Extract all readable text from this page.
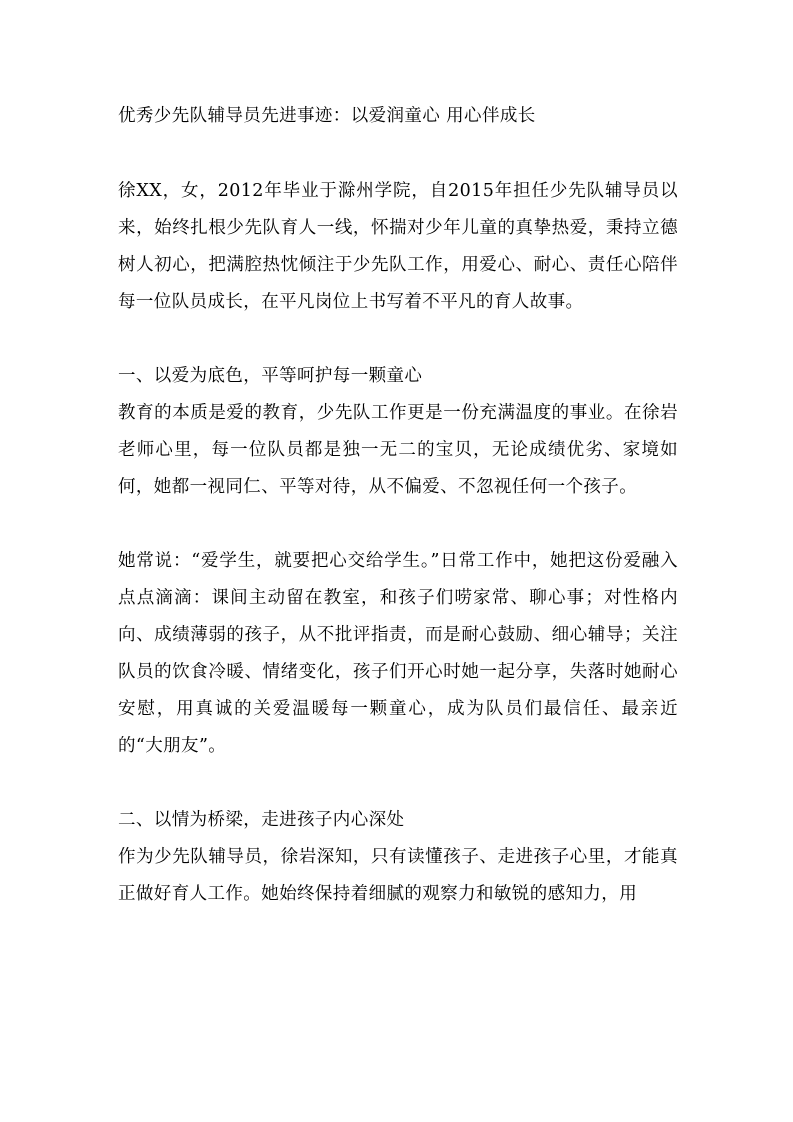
优秀少先队辅导员先进事迹：以爱润童心 用心伴成长

徐XX，女，2012年毕业于滁州学院，自2015年担任少先队辅导员以来，始终扎根少先队育人一线，怀揣对少年儿童的真挚热爱，秉持立德树人初心，把满腔热忱倾注于少先队工作，用爱心、耐心、责任心陪伴每一位队员成长，在平凡岗位上书写着不平凡的育人故事。

一、以爱为底色，平等呵护每一颗童心

教育的本质是爱的教育，少先队工作更是一份充满温度的事业。在徐岩老师心里，每一位队员都是独一无二的宝贝，无论成绩优劣、家境如何，她都一视同仁、平等对待，从不偏爱、不忽视任何一个孩子。

她常说：“爱学生，就要把心交给学生。”日常工作中，她把这份爱融入点点滴滴：课间主动留在教室，和孩子们唠家常、聊心事；对性格内向、成绩薄弱的孩子，从不批评指责，而是耐心鼓励、细心辅导；关注队员的饮食冷暖、情绪变化，孩子们开心时她一起分享，失落时她耐心安慰，用真诚的关爱温暖每一颗童心，成为队员们最信任、最亲近的“大朋友”。

二、以情为桥梁，走进孩子内心深处

作为少先队辅导员，徐岩深知，只有读懂孩子、走进孩子心里，才能真正做好育人工作。她始终保持着细腻的观察力和敏锐的感知力，用
